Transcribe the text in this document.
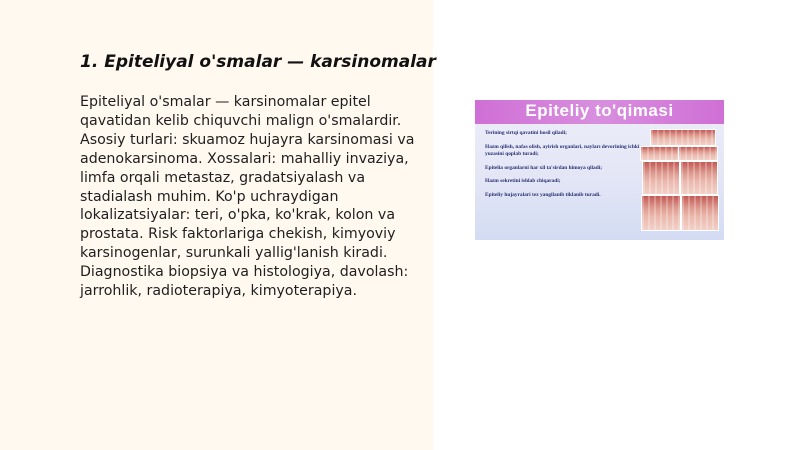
1. Epiteliyal o'smalar — karsinomalar

Epiteliyal o'smalar — karsinomalar epitel qavatidan kelib chiquvchi malign o'smalardir. Asosiy turlari: skuamoz hujayra karsinomasi va adenokarsinoma. Xossalari: mahalliy invaziya, limfa orqali metastaz, gradatsiyalash va stadialash muhim. Ko'p uchraydigan lokalizatsiyalar: teri, o'pka, ko'krak, kolon va prostata. Risk faktorlariga chekish, kimyoviy karsinogenlar, surunkali yallig'lanish kiradi. Diagnostika biopsiya va histologiya, davolash: jarrohlik, radioterapiya, kimyoterapiya.

Epiteliy to'qimasi

Terining sirtqi qavatini hosil qiladi;
Hazm qilish, nafas olish, ayirish organlari, nayları devorining ichki yuzasini qoplab turadi;
Epitelia organlarni har xil ta'sirdan himoya qiladi;
Hazm sekretini ishlab chiqaradi;
Epiteliy hujayralari tez yangilanib tiklanib turadi.
